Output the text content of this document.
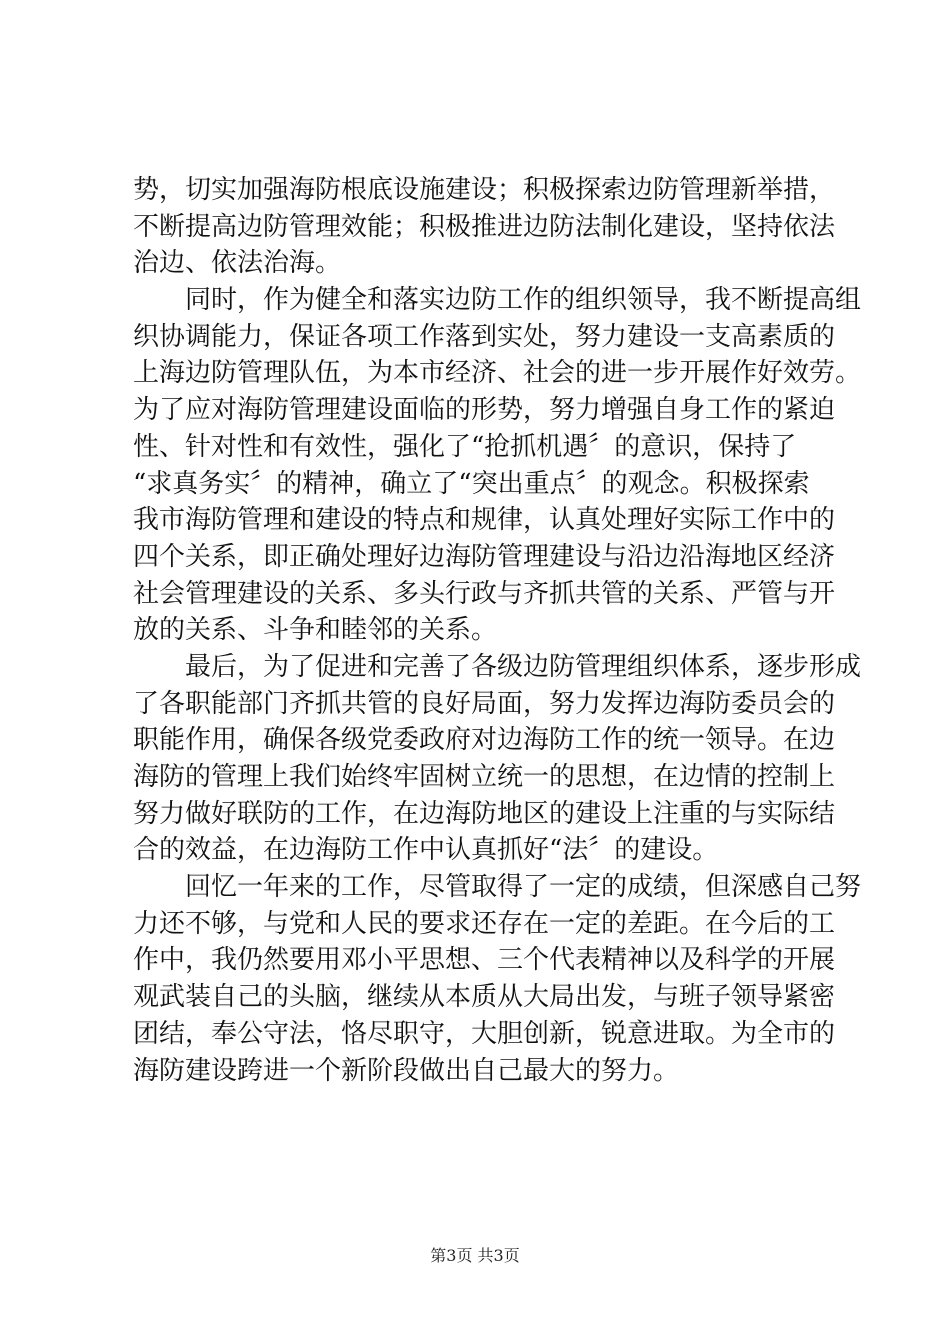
势，切实加强海防根底设施建设；积极探索边防管理新举措，
不断提高边防管理效能；积极推进边防法制化建设，坚持依法
治边、依法治海。
　　同时，作为健全和落实边防工作的组织领导，我不断提高组
织协调能力，保证各项工作落到实处，努力建设一支高素质的
上海边防管理队伍，为本市经济、社会的进一步开展作好效劳。
为了应对海防管理建设面临的形势，努力增强自身工作的紧迫
性、针对性和有效性，强化了“抢抓机遇〞的意识，保持了
“求真务实〞的精神，确立了“突出重点〞的观念。积极探索
我市海防管理和建设的特点和规律，认真处理好实际工作中的
四个关系，即正确处理好边海防管理建设与沿边沿海地区经济
社会管理建设的关系、多头行政与齐抓共管的关系、严管与开
放的关系、斗争和睦邻的关系。
　　最后，为了促进和完善了各级边防管理组织体系，逐步形成
了各职能部门齐抓共管的良好局面，努力发挥边海防委员会的
职能作用，确保各级党委政府对边海防工作的统一领导。在边
海防的管理上我们始终牢固树立统一的思想，在边情的控制上
努力做好联防的工作，在边海防地区的建设上注重的与实际结
合的效益，在边海防工作中认真抓好“法〞的建设。
　　回忆一年来的工作，尽管取得了一定的成绩，但深感自己努
力还不够，与党和人民的要求还存在一定的差距。在今后的工
作中，我仍然要用邓小平思想、三个代表精神以及科学的开展
观武装自己的头脑，继续从本质从大局出发，与班子领导紧密
团结，奉公守法，恪尽职守，大胆创新，锐意进取。为全市的
海防建设跨进一个新阶段做出自己最大的努力。
第3页 共3页
